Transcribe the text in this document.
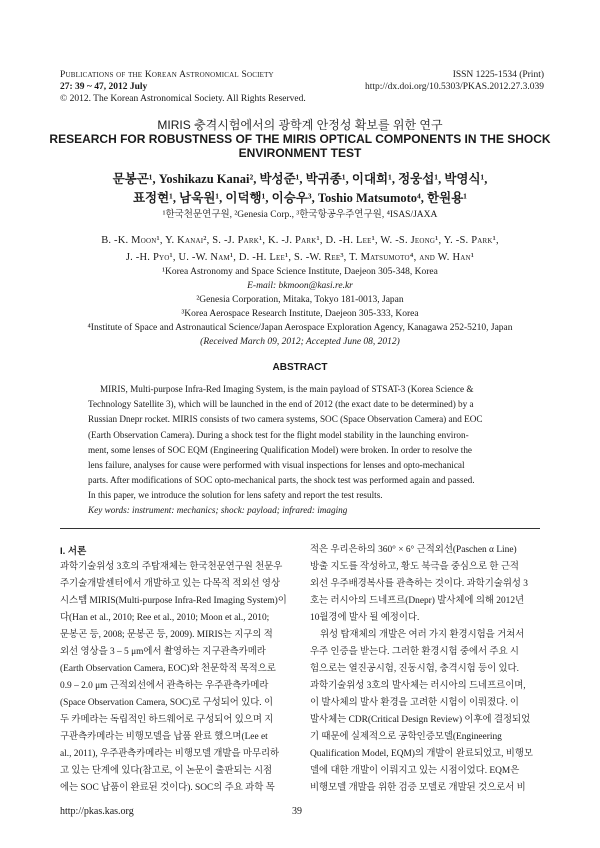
Publications of the Korean Astronomical Society
27: 39 ~ 47, 2012 July
© 2012. The Korean Astronomical Society. All Rights Reserved.
ISSN 1225-1534 (Print)
http://dx.doi.org/10.5303/PKAS.2012.27.3.039
MIRIS 충격시험에서의 광학계 안정성 확보를 위한 연구
RESEARCH FOR ROBUSTNESS OF THE MIRIS OPTICAL COMPONENTS IN THE SHOCK
ENVIRONMENT TEST
문봉곤¹, Yoshikazu Kanai², 박성준¹, 박귀종¹, 이대희¹, 정웅섭¹, 박영식¹,
표정현¹, 남욱원¹, 이덕행¹, 이승우³, Toshio Matsumoto⁴, 한원용¹
¹한국천문연구원, ²Genesia Corp., ³한국항공우주연구원, ⁴ISAS/JAXA
B. -K. Moon¹, Y. Kanai², S. -J. Park¹, K. -J. Park¹, D. -H. Lee¹, W. -S. Jeong¹, Y. -S. Park¹,
J. -H. Pyo¹, U. -W. Nam¹, D. -H. Lee¹, S. -W. Ree³, T. Matsumoto⁴, and W. Han¹
¹Korea Astronomy and Space Science Institute, Daejeon 305-348, Korea
E-mail: bkmoon@kasi.re.kr
²Genesia Corporation, Mitaka, Tokyo 181-0013, Japan
³Korea Aerospace Research Institute, Daejeon 305-333, Korea
⁴Institute of Space and Astronautical Science/Japan Aerospace Exploration Agency, Kanagawa 252-5210, Japan
(Received March 09, 2012; Accepted June 08, 2012)
ABSTRACT
MIRIS, Multi-purpose Infra-Red Imaging System, is the main payload of STSAT-3 (Korea Science &
Technology Satellite 3), which will be launched in the end of 2012 (the exact date to be determined) by a
Russian Dnepr rocket. MIRIS consists of two camera systems, SOC (Space Observation Camera) and EOC
(Earth Observation Camera). During a shock test for the flight model stability in the launching environ-
ment, some lenses of SOC EQM (Engineering Qualification Model) were broken. In order to resolve the
lens failure, analyses for cause were performed with visual inspections for lenses and opto-mechanical
parts. After modifications of SOC opto-mechanical parts, the shock test was performed again and passed.
In this paper, we introduce the solution for lens safety and report the test results.
Key words: instrument: mechanics; shock: payload; infrared: imaging
I. 서론
과학기술위성 3호의 주탑재체는 한국천문연구원 천문우
주기술개발센터에서 개발하고 있는 다목적 적외선 영상
시스템 MIRIS(Multi-purpose Infra-Red Imaging System)이
다(Han et al., 2010; Ree et al., 2010; Moon et al., 2010;
문봉곤 등, 2008; 문봉곤 등, 2009). MIRIS는 지구의 적
외선 영상을 3 – 5 μm에서 촬영하는 지구관측카메라
(Earth Observation Camera, EOC)와 천문학적 목적으로
0.9 – 2.0 μm 근적외선에서 관측하는 우주관측카메라
(Space Observation Camera, SOC)로 구성되어 있다. 이
두 카메라는 독립적인 하드웨어로 구성되어 있으며 지
구관측카메라는 비행모델을 납품 완료 했으며(Lee et
al., 2011), 우주관측카메라는 비행모델 개발을 마무리하
고 있는 단계에 있다(참고로, 이 논문이 출판되는 시점
에는 SOC 납품이 완료된 것이다). SOC의 주요 과학 목
적은 우리은하의 360° × 6° 근적외선(Paschen α Line)
방출 지도를 작성하고, 황도 북극을 중심으로 한 근적
외선 우주배경복사를 관측하는 것이다. 과학기술위성 3
호는 러시아의 드네프르(Dnepr) 발사체에 의해 2012년
10월경에 발사 될 예정이다.
위성 탑재체의 개발은 여러 가지 환경시험을 거쳐서
우주 인증을 받는다. 그러한 환경시험 중에서 주요 시
험으로는 열진공시험, 진동시험, 충격시험 등이 있다.
과학기술위성 3호의 발사체는 러시아의 드네프르이며,
이 발사체의 발사 환경을 고려한 시험이 이뤄졌다. 이
발사체는 CDR(Critical Design Review) 이후에 결정되었
기 때문에 실제적으로 공학인증모델(Engineering
Qualification Model, EQM)의 개발이 완료되었고, 비행모
델에 대한 개발이 이뤄지고 있는 시점이었다. EQM은
비행모델 개발을 위한 검증 모델로 개발된 것으로서 비
http://pkas.kas.org	39
